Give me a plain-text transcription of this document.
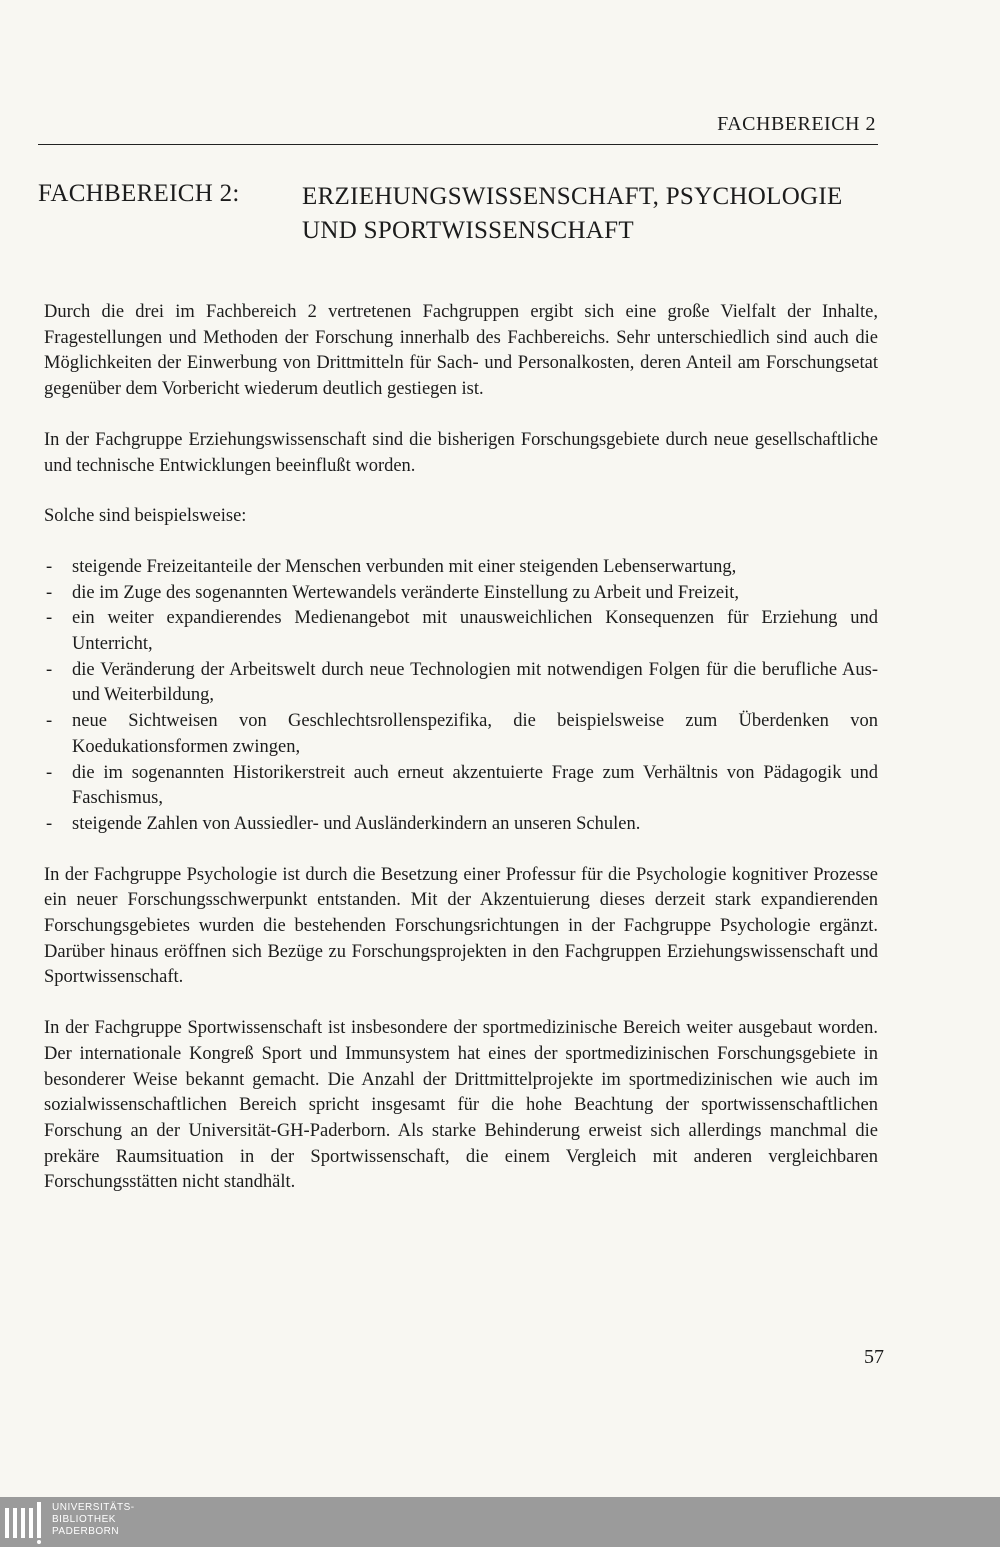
FACHBEREICH 2
FACHBEREICH 2: ERZIEHUNGSWISSENSCHAFT, PSYCHOLOGIE
UND SPORTWISSENSCHAFT

Durch die drei im Fachbereich 2 vertretenen Fachgruppen ergibt sich eine große Vielfalt der Inhalte, Fragestellungen und Methoden der Forschung innerhalb des Fachbereichs. Sehr unterschiedlich sind auch die Möglichkeiten der Einwerbung von Drittmitteln für Sach- und Personalkosten, deren Anteil am Forschungsetat gegenüber dem Vorbericht wiederum deutlich gestiegen ist.

In der Fachgruppe Erziehungswissenschaft sind die bisherigen Forschungsgebiete durch neue gesellschaftliche und technische Entwicklungen beeinflußt worden.

Solche sind beispielsweise:

- steigende Freizeitanteile der Menschen verbunden mit einer steigenden Lebenserwartung,
- die im Zuge des sogenannten Wertewandels veränderte Einstellung zu Arbeit und Freizeit,
- ein weiter expandierendes Medienangebot mit unausweichlichen Konsequenzen für Erziehung und Unterricht,
- die Veränderung der Arbeitswelt durch neue Technologien mit notwendigen Folgen für die berufliche Aus- und Weiterbildung,
- neue Sichtweisen von Geschlechtsrollenspezifika, die beispielsweise zum Überdenken von Koedukationsformen zwingen,
- die im sogenannten Historikerstreit auch erneut akzentuierte Frage zum Verhältnis von Pädagogik und Faschismus,
- steigende Zahlen von Aussiedler- und Ausländerkindern an unseren Schulen.

In der Fachgruppe Psychologie ist durch die Besetzung einer Professur für die Psychologie kognitiver Prozesse ein neuer Forschungsschwerpunkt entstanden. Mit der Akzentuierung dieses derzeit stark expandierenden Forschungsgebietes wurden die bestehenden Forschungsrichtungen in der Fachgruppe Psychologie ergänzt. Darüber hinaus eröffnen sich Bezüge zu Forschungsprojekten in den Fachgruppen Erziehungswissenschaft und Sportwissenschaft.

In der Fachgruppe Sportwissenschaft ist insbesondere der sportmedizinische Bereich weiter ausgebaut worden. Der internationale Kongreß Sport und Immunsystem hat eines der sportmedizinischen Forschungsgebiete in besonderer Weise bekannt gemacht. Die Anzahl der Drittmittelprojekte im sportmedizinischen wie auch im sozialwissenschaftlichen Bereich spricht insgesamt für die hohe Beachtung der sportwissenschaftlichen Forschung an der Universität-GH-Paderborn. Als starke Behinderung erweist sich allerdings manchmal die prekäre Raumsituation in der Sportwissenschaft, die einem Vergleich mit anderen vergleichbaren Forschungsstätten nicht standhält.

57
UNIVERSITÄTS-
BIBLIOTHEK
PADERBORN
